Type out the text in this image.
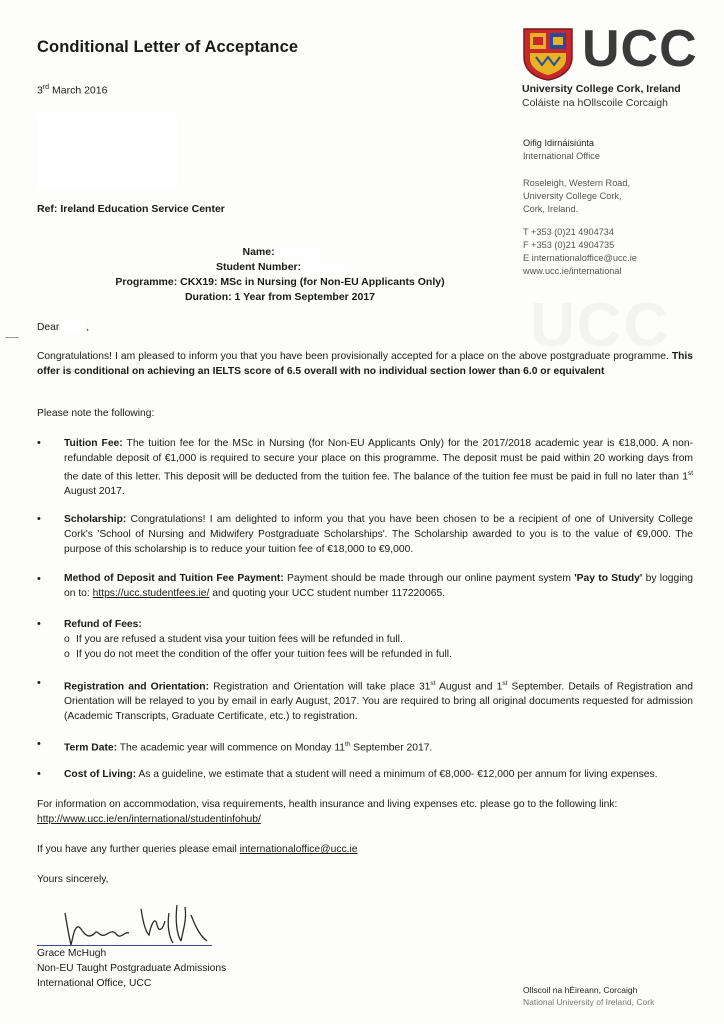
UCC
Conditional Letter of Acceptance
3rd March 2016
Ref: Ireland Education Service Center
UCC
University College Cork, Ireland
Coláiste na hOllscoile Corcaigh
Oifig Idirnáisiúnta
International Office
Roseleigh, Western Road,
University College Cork,
Cork, Ireland.
T +353 (0)21 4904734
F +353 (0)21 4904735
E internationaloffice@ucc.ie
www.ucc.ie/international
Name:
Student Number:
Programme: CKX19: MSc in Nursing (for Non-EU Applicants Only)
Duration: 1 Year from September 2017
Dear	,
Congratulations! I am pleased to inform you that you have been provisionally accepted for a place on the above postgraduate programme. This offer is conditional on achieving an IELTS score of 6.5 overall with no individual section lower than 6.0 or equivalent
Please note the following:
• Tuition Fee: The tuition fee for the MSc in Nursing (for Non-EU Applicants Only) for the 2017/2018 academic year is €18,000. A non-refundable deposit of €1,000 is required to secure your place on this programme. The deposit must be paid within 20 working days from the date of this letter. This deposit will be deducted from the tuition fee. The balance of the tuition fee must be paid in full no later than 1st August 2017.
• Scholarship: Congratulations! I am delighted to inform you that you have been chosen to be a recipient of one of University College Cork's 'School of Nursing and Midwifery Postgraduate Scholarships'. The Scholarship awarded to you is to the value of €9,000. The purpose of this scholarship is to reduce your tuition fee of €18,000 to €9,000.
• Method of Deposit and Tuition Fee Payment: Payment should be made through our online payment system 'Pay to Study' by logging on to: https://ucc.studentfees.ie/ and quoting your UCC student number 117220065.
• Refund of Fees:
o If you are refused a student visa your tuition fees will be refunded in full.
o If you do not meet the condition of the offer your tuition fees will be refunded in full.
• Registration and Orientation: Registration and Orientation will take place 31st August and 1st September. Details of Registration and Orientation will be relayed to you by email in early August, 2017. You are required to bring all original documents requested for admission (Academic Transcripts, Graduate Certificate, etc.) to registration.
• Term Date: The academic year will commence on Monday 11th September 2017.
• Cost of Living: As a guideline, we estimate that a student will need a minimum of €8,000- €12,000 per annum for living expenses.
For information on accommodation, visa requirements, health insurance and living expenses etc. please go to the following link:
http://www.ucc.ie/en/international/studentinfohub/
If you have any further queries please email internationaloffice@ucc.ie
Yours sincerely,
Grace McHugh
Non-EU Taught Postgraduate Admissions
International Office, UCC
Ollscoil na hÉireann, Corcaigh
National University of Ireland, Cork
